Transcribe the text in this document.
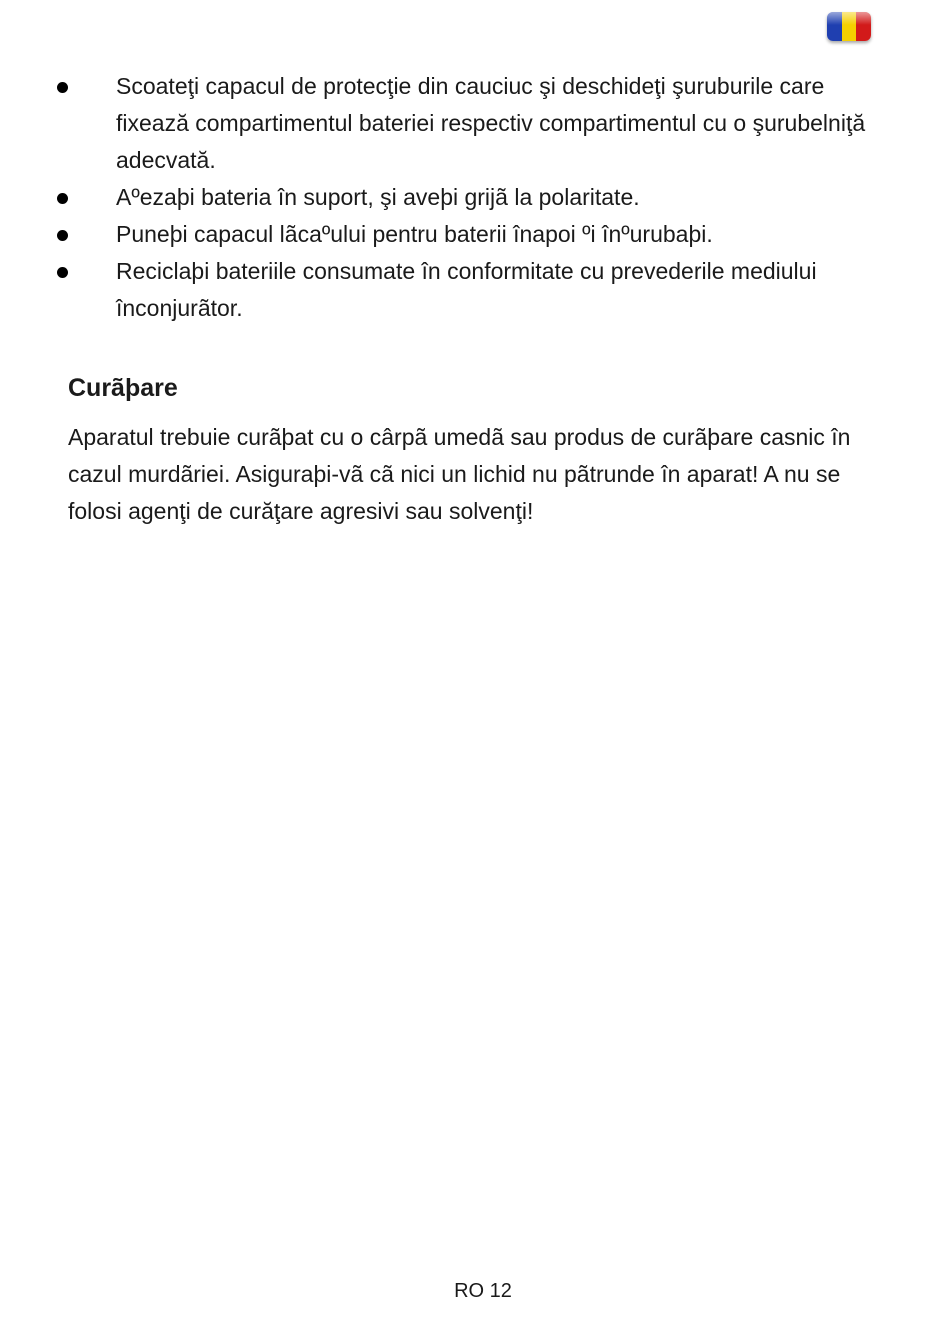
Scoateţi capacul de protecţie din cauciuc şi deschideţi şuruburile care fixează compartimentul bateriei respectiv compartimentul cu o şurubelniţă adecvată.
Aºezaþi bateria în suport, şi aveþi grijã la polaritate.
Puneþi capacul lãcaºului pentru baterii înapoi ºi înºurubaþi.
Reciclaþi bateriile consumate în conformitate cu prevederile mediului înconjurãtor.
Curãþare

Aparatul trebuie curãþat cu o cârpã umedã sau produs de curãþare casnic în cazul murdãriei. Asiguraþi-vã cã nici un lichid nu pãtrunde în aparat! A nu se folosi agenţi de curăţare agresivi sau solvenţi!

RO 12
